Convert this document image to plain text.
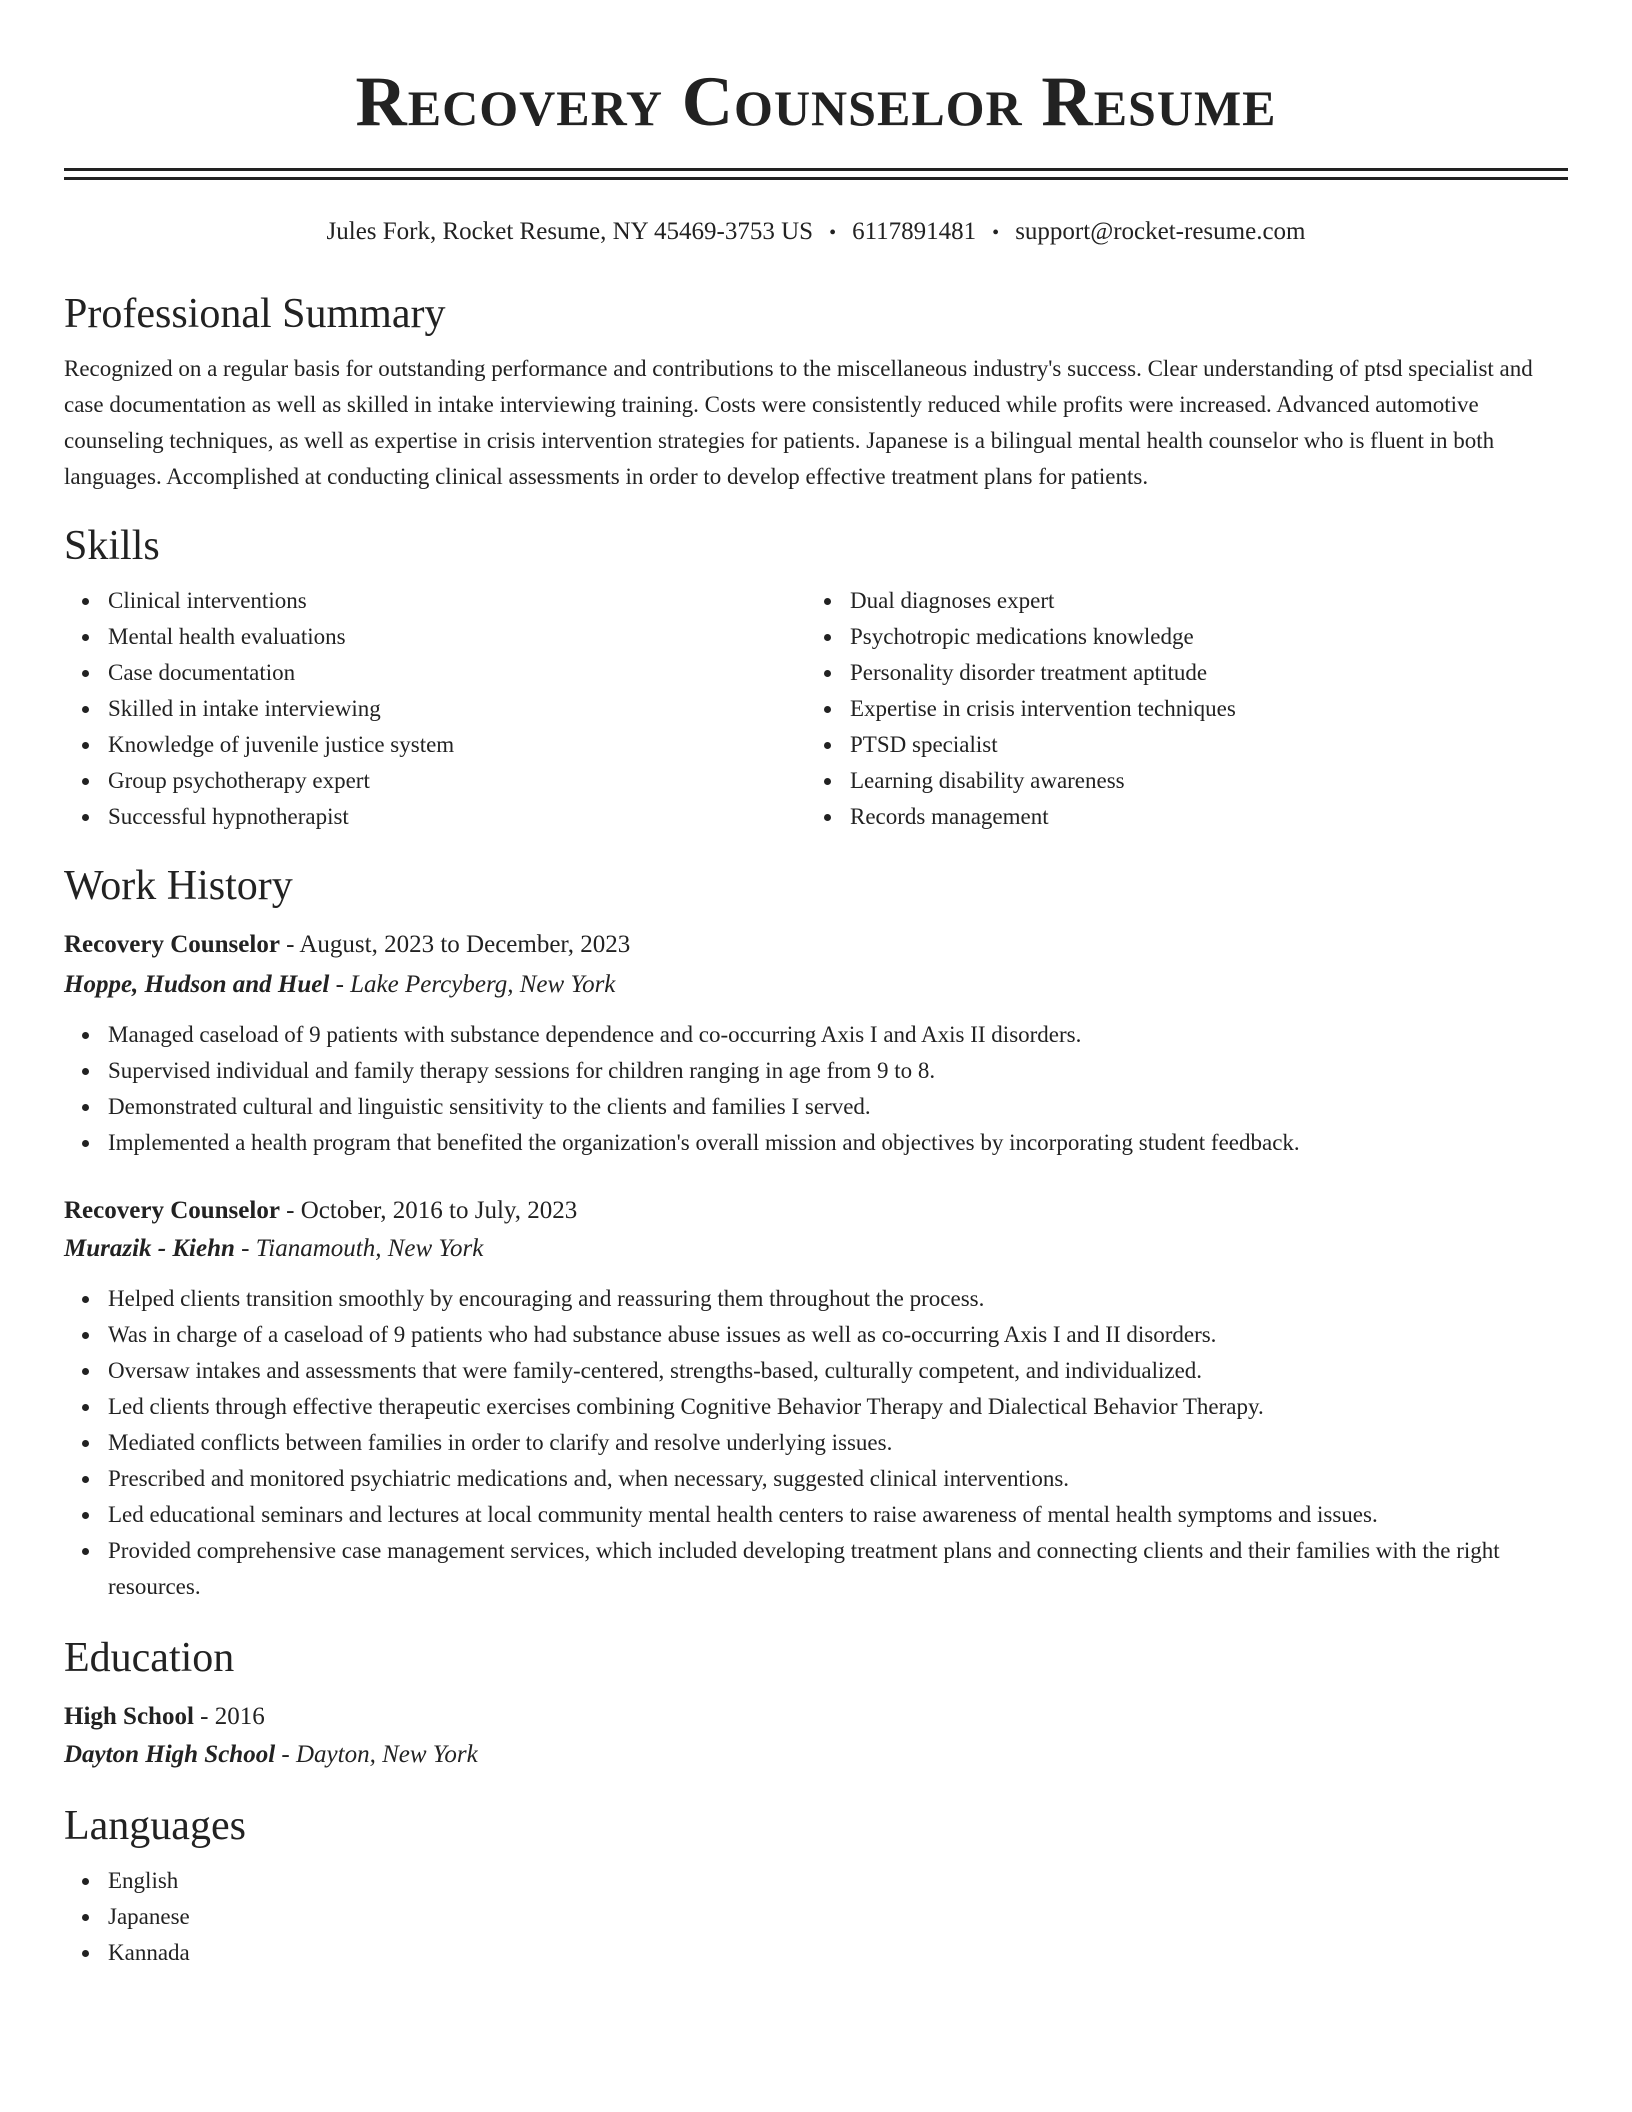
Recovery Counselor Resume
Jules Fork, Rocket Resume, NY 45469-3753 US • 6117891481 • support@rocket-resume.com
Professional Summary

Recognized on a regular basis for outstanding performance and contributions to the miscellaneous industry's success. Clear understanding of ptsd specialist and case documentation as well as skilled in intake interviewing training. Costs were consistently reduced while profits were increased. Advanced automotive counseling techniques, as well as expertise in crisis intervention strategies for patients. Japanese is a bilingual mental health counselor who is fluent in both languages. Accomplished at conducting clinical assessments in order to develop effective treatment plans for patients.

Skills
Clinical interventions
Mental health evaluations
Case documentation
Skilled in intake interviewing
Knowledge of juvenile justice system
Group psychotherapy expert
Successful hypnotherapist
Dual diagnoses expert
Psychotropic medications knowledge
Personality disorder treatment aptitude
Expertise in crisis intervention techniques
PTSD specialist
Learning disability awareness
Records management
Work History
Recovery Counselor - August, 2023 to December, 2023
Hoppe, Hudson and Huel - Lake Percyberg, New York
Managed caseload of 9 patients with substance dependence and co-occurring Axis I and Axis II disorders.
Supervised individual and family therapy sessions for children ranging in age from 9 to 8.
Demonstrated cultural and linguistic sensitivity to the clients and families I served.
Implemented a health program that benefited the organization's overall mission and objectives by incorporating student feedback.
Recovery Counselor - October, 2016 to July, 2023
Murazik - Kiehn - Tianamouth, New York
Helped clients transition smoothly by encouraging and reassuring them throughout the process.
Was in charge of a caseload of 9 patients who had substance abuse issues as well as co-occurring Axis I and II disorders.
Oversaw intakes and assessments that were family-centered, strengths-based, culturally competent, and individualized.
Led clients through effective therapeutic exercises combining Cognitive Behavior Therapy and Dialectical Behavior Therapy.
Mediated conflicts between families in order to clarify and resolve underlying issues.
Prescribed and monitored psychiatric medications and, when necessary, suggested clinical interventions.
Led educational seminars and lectures at local community mental health centers to raise awareness of mental health symptoms and issues.
Provided comprehensive case management services, which included developing treatment plans and connecting clients and their families with the right resources.
Education
High School - 2016
Dayton High School - Dayton, New York
Languages
English
Japanese
Kannada
